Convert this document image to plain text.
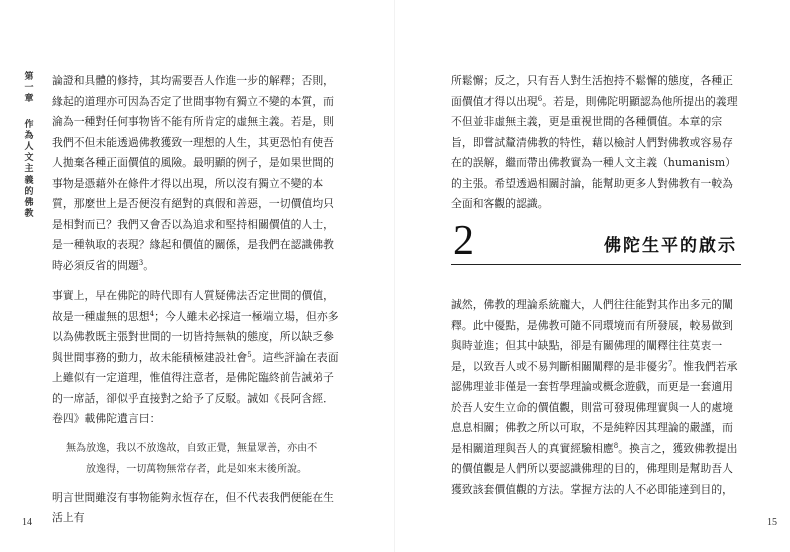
第
一
章
作
為
人
文
主
義
的
佛
教

論證和具體的修持，其均需要吾人作進一步的解釋；否則，緣起的道理亦可因為否定了世間事物有獨立不變的本質，而淪為一種對任何事物皆不能有所肯定的虛無主義。若是，則我們不但未能透過佛教獲致一理想的人生，其更恐怕有使吾人拋棄各種正面價值的風險。最明顯的例子，是如果世間的事物是憑藉外在條件才得以出現，所以沒有獨立不變的本質，那麼世上是否便沒有絕對的真假和善惡，一切價值均只是相對而已？我們又會否以為追求和堅持相關價值的人士，是一種執取的表現？緣起和價值的關係，是我們在認識佛教時必須反省的問題$^3$。

事實上，早在佛陀的時代即有人質疑佛法否定世間的價值，故是一種虛無的思想$^4$；今人雖未必採這一極端立場，但亦多以為佛教既主張對世間的一切皆持無執的態度，所以缺乏參與世間事務的動力，故未能積極建設社會$^5$。這些評論在表面上雖似有一定道理，惟值得注意者，是佛陀臨終前告誡弟子的一席話，卻似乎直接對之給予了反駁。誠如《長阿含經．卷四》載佛陀遺言曰：

無為放逸，我以不放逸故，自致正覺，無量眾善，亦由不
放逸得，一切萬物無常存者，此是如來末後所說。

明言世間雖沒有事物能夠永恆存在，但不代表我們便能在生活上有

14

所鬆懈；反之，只有吾人對生活抱持不鬆懈的態度，各種正面價值才得以出現$^6$。若是，則佛陀明顯認為他所提出的義理不但並非虛無主義，更是重視世間的各種價值。本章的宗旨，即嘗試釐清佛教的特性，藉以檢討人們對佛教或容易存在的誤解，繼而帶出佛教實為一種人文主義（humanism）的主張。希望透過相關討論，能幫助更多人對佛教有一較為全面和客觀的認識。

誠然，佛教的理論系統龐大，人們往往能對其作出多元的闡釋。此中優點，是佛教可隨不同環境而有所發展，較易做到與時並進；但其中缺點，卻是有關佛理的闡釋往往莫衷一是，以致吾人或不易判斷相關闡釋的是非優劣$^7$。惟我們若承認佛理並非僅是一套哲學理論或概念遊戲，而更是一套適用於吾人安生立命的價值觀，則當可發現佛理實與一人的處境息息相關；佛教之所以可取，不是純粹因其理論的嚴謹，而是相關道理與吾人的真實經驗相應$^8$。換言之，獲致佛教提出的價值觀是人們所以要認識佛理的目的，佛理則是幫助吾人獲致該套價值觀的方法。掌握方法的人不必即能達到目的，

2	佛陀生平的啟示
15
